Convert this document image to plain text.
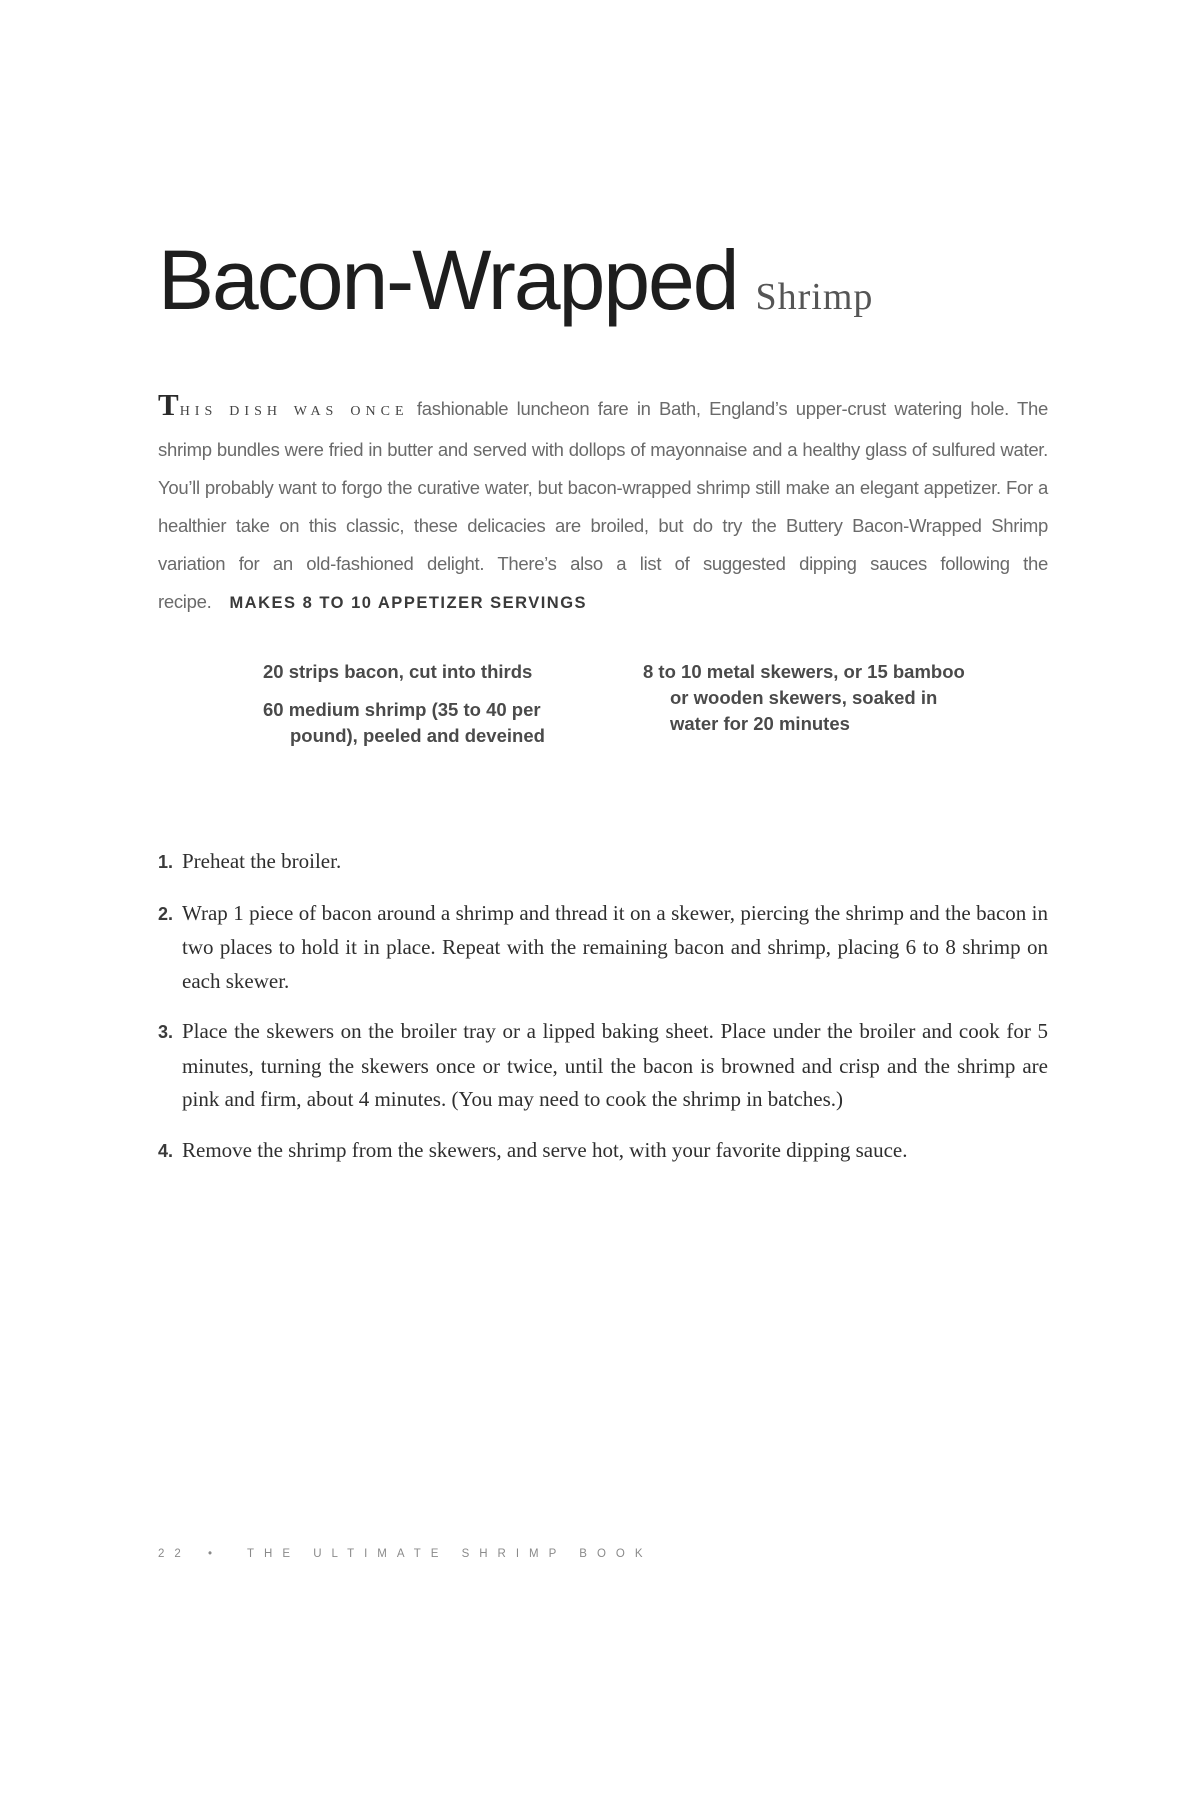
Bacon-Wrapped Shrimp

THIS DISH WAS ONCE fashionable luncheon fare in Bath, England’s upper-crust watering hole. The shrimp bundles were fried in butter and served with dollops of mayonnaise and a healthy glass of sulfured water. You’ll probably want to forgo the curative water, but bacon-wrapped shrimp still make an elegant appetizer. For a healthier take on this classic, these delicacies are broiled, but do try the Buttery Bacon-Wrapped Shrimp variation for an old-fashioned delight. There’s also a list of suggested dipping sauces following the recipe. MAKES 8 TO 10 APPETIZER SERVINGS

20 strips bacon, cut into thirds

60 medium shrimp (35 to 40 per pound), peeled and deveined

8 to 10 metal skewers, or 15 bamboo or wooden skewers, soaked in water for 20 minutes

1. Preheat the broiler.
2. Wrap 1 piece of bacon around a shrimp and thread it on a skewer, piercing the shrimp and the bacon in two places to hold it in place. Repeat with the remaining bacon and shrimp, placing 6 to 8 shrimp on each skewer.
3. Place the skewers on the broiler tray or a lipped baking sheet. Place under the broiler and cook for 5 minutes, turning the skewers once or twice, until the bacon is browned and crisp and the shrimp are pink and firm, about 4 minutes. (You may need to cook the shrimp in batches.)
4. Remove the shrimp from the skewers, and serve hot, with your favorite dipping sauce.
22 • THE ULTIMATE SHRIMP BOOK
